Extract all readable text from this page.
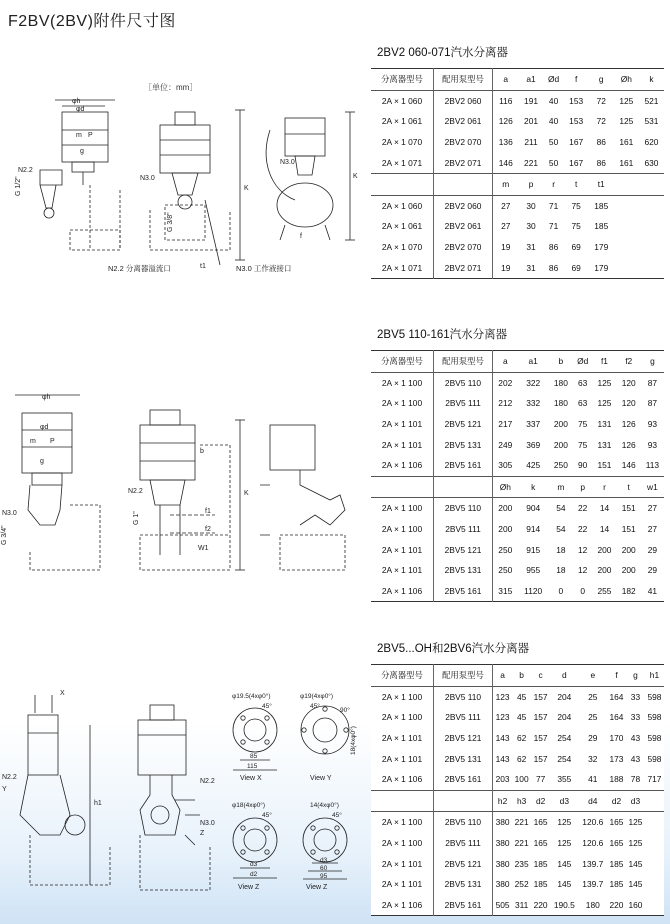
F2BV(2BV)附件尺寸图
［单位：mm］
φh
φd
m P
g
N2.2
G 1/2"	N3.0
G 3/8"
K
t1
N3.0
K
f
N2.2 分离器溢流口	N3.0 工作液接口
φh
φd
m P
g
N3.0
G 3/4"
N2.2
G 1"
b
f1
f2
W1
K
X
h1
N2.2
Y
N2.2
N3.0
Z
φ19.5(4xφ0°)
45°
85
115
View X
φ19(4xφ0°)
45°
90°
18(4xφ0°)
View Y
φ18(4xφ0°)
45°
d3
d2
View Z
14(4xφ0°)
45°
d3
60
95
View Z
2BV2 060-071汽水分离器
分离器型号	配用泵型号	a	a1	Ød	f	g	Øh	k
2A × 1 060	2BV2 060	116	191	40	153	72	125	521
2A × 1 061	2BV2 061	126	201	40	153	72	125	531
2A × 1 070	2BV2 070	136	211	50	167	86	161	620
2A × 1 071	2BV2 071	146	221	50	167	86	161	630
		m	p	r	t	t1		
2A × 1 060	2BV2 060	27	30	71	75	185		
2A × 1 061	2BV2 061	27	30	71	75	185		
2A × 1 070	2BV2 070	19	31	86	69	179		
2A × 1 071	2BV2 071	19	31	86	69	179		
2BV5 110-161汽水分离器
分离器型号	配用泵型号	a	a1	b	Ød	f1	f2	g
2A × 1 100	2BV5 110	202	322	180	63	125	120	87
2A × 1 100	2BV5 111	212	332	180	63	125	120	87
2A × 1 101	2BV5 121	217	337	200	75	131	126	93
2A × 1 101	2BV5 131	249	369	200	75	131	126	93
2A × 1 106	2BV5 161	305	425	250	90	151	146	113
		Øh	k	m	p	r	t	w1
2A × 1 100	2BV5 110	200	904	54	22	14	151	27
2A × 1 100	2BV5 111	200	914	54	22	14	151	27
2A × 1 101	2BV5 121	250	915	18	12	200	200	29
2A × 1 101	2BV5 131	250	955	18	12	200	200	29
2A × 1 106	2BV5 161	315	1120	0	0	255	182	41
2BV5...OH和2BV6汽水分离器
分离器型号	配用泵型号	a	b	c	d	e	f	g	h1
2A × 1 100	2BV5 110	123	45	157	204	25	164	33	598
2A × 1 100	2BV5 111	123	45	157	204	25	164	33	598
2A × 1 101	2BV5 121	143	62	157	254	29	170	43	598
2A × 1 101	2BV5 131	143	62	157	254	32	173	43	598
2A × 1 106	2BV5 161	203	100	77	355	41	188	78	717
		h2	h3	d2	d3	d4	d2	d3	
2A × 1 100	2BV5 110	380	221	165	125	120.6	165	125	
2A × 1 100	2BV5 111	380	221	165	125	120.6	165	125	
2A × 1 101	2BV5 121	380	235	185	145	139.7	185	145	
2A × 1 101	2BV5 131	380	252	185	145	139.7	185	145	
2A × 1 106	2BV5 161	505	311	220	190.5	180	220	160	
